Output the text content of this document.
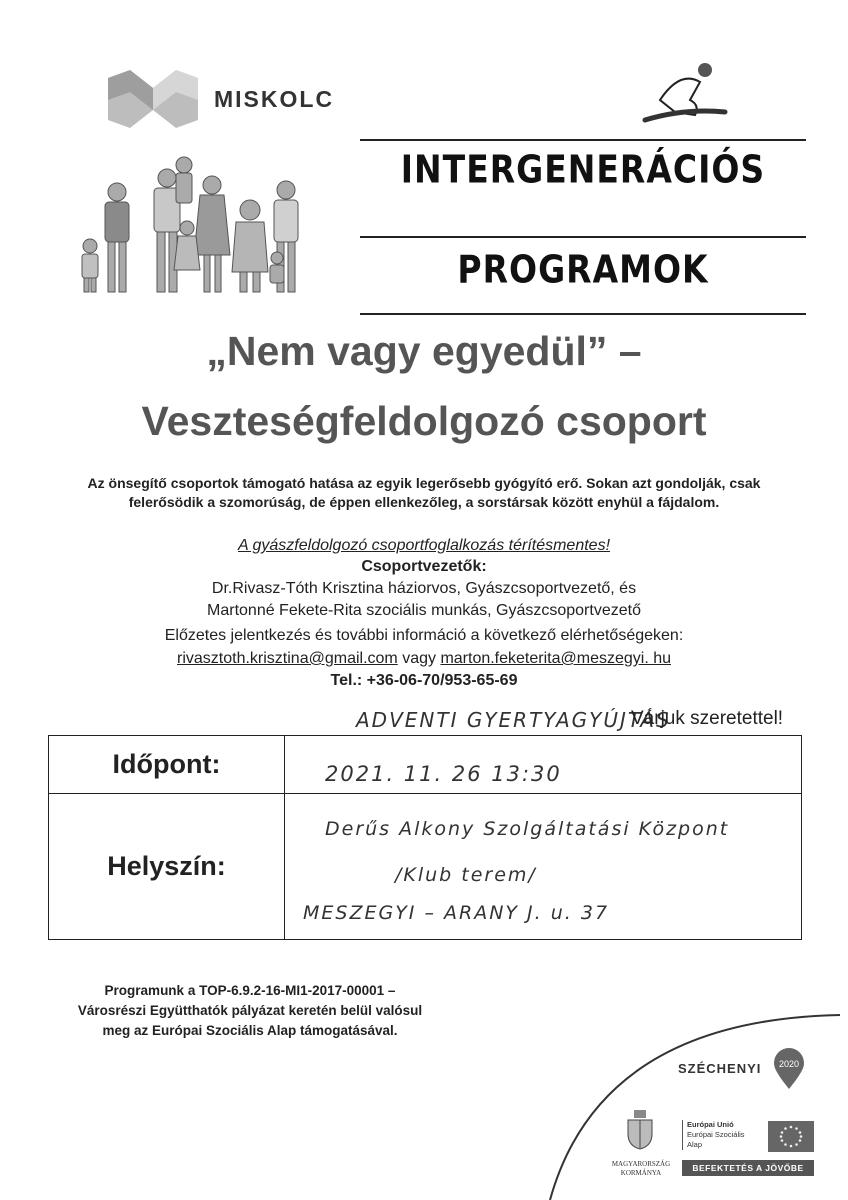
MISKOLC
INTERGENERÁCIÓS
PROGRAMOK
„Nem vagy egyedül” –
Veszteségfeldolgozó csoport
Az önsegítő csoportok támogató hatása az egyik legerősebb gyógyító erő. Sokan azt gondolják, csak felerősödik a szomorúság, de éppen ellenkezőleg, a sorstársak között enyhül a fájdalom.
A gyászfeldolgozó csoportfoglalkozás térítésmentes!
Csoportvezetők:
Dr.Rivasz-Tóth Krisztina háziorvos, Gyászcsoportvezető, és
Martonné Fekete-Rita szociális munkás, Gyászcsoportvezető
Előzetes jelentkezés és további információ a következő elérhetőségeken:
rivasztoth.krisztina@gmail.com vagy marton.feketerita@meszegyi. hu
Tel.: +36-06-70/953-65-69
ADVENTI GYERTYAGYÚJTÁS
Várjuk szeretettel!
Időpont:	2021. 11. 26 13:30

Helyszín:	Derűs Alkony Szolgáltatási Központ
/Klub terem/
MESZEGYI – ARANY J. u. 37
Programunk a TOP-6.9.2-16-MI1-2017-00001 – Városrészi Együtthatók pályázat keretén belül valósul meg az Európai Szociális Alap támogatásával.
SZÉCHENYI 2020
MAGYARORSZÁG
KORMÁNYA
Európai Unió
Európai Szociális
Alap
BEFEKTETÉS A JÖVŐBE
